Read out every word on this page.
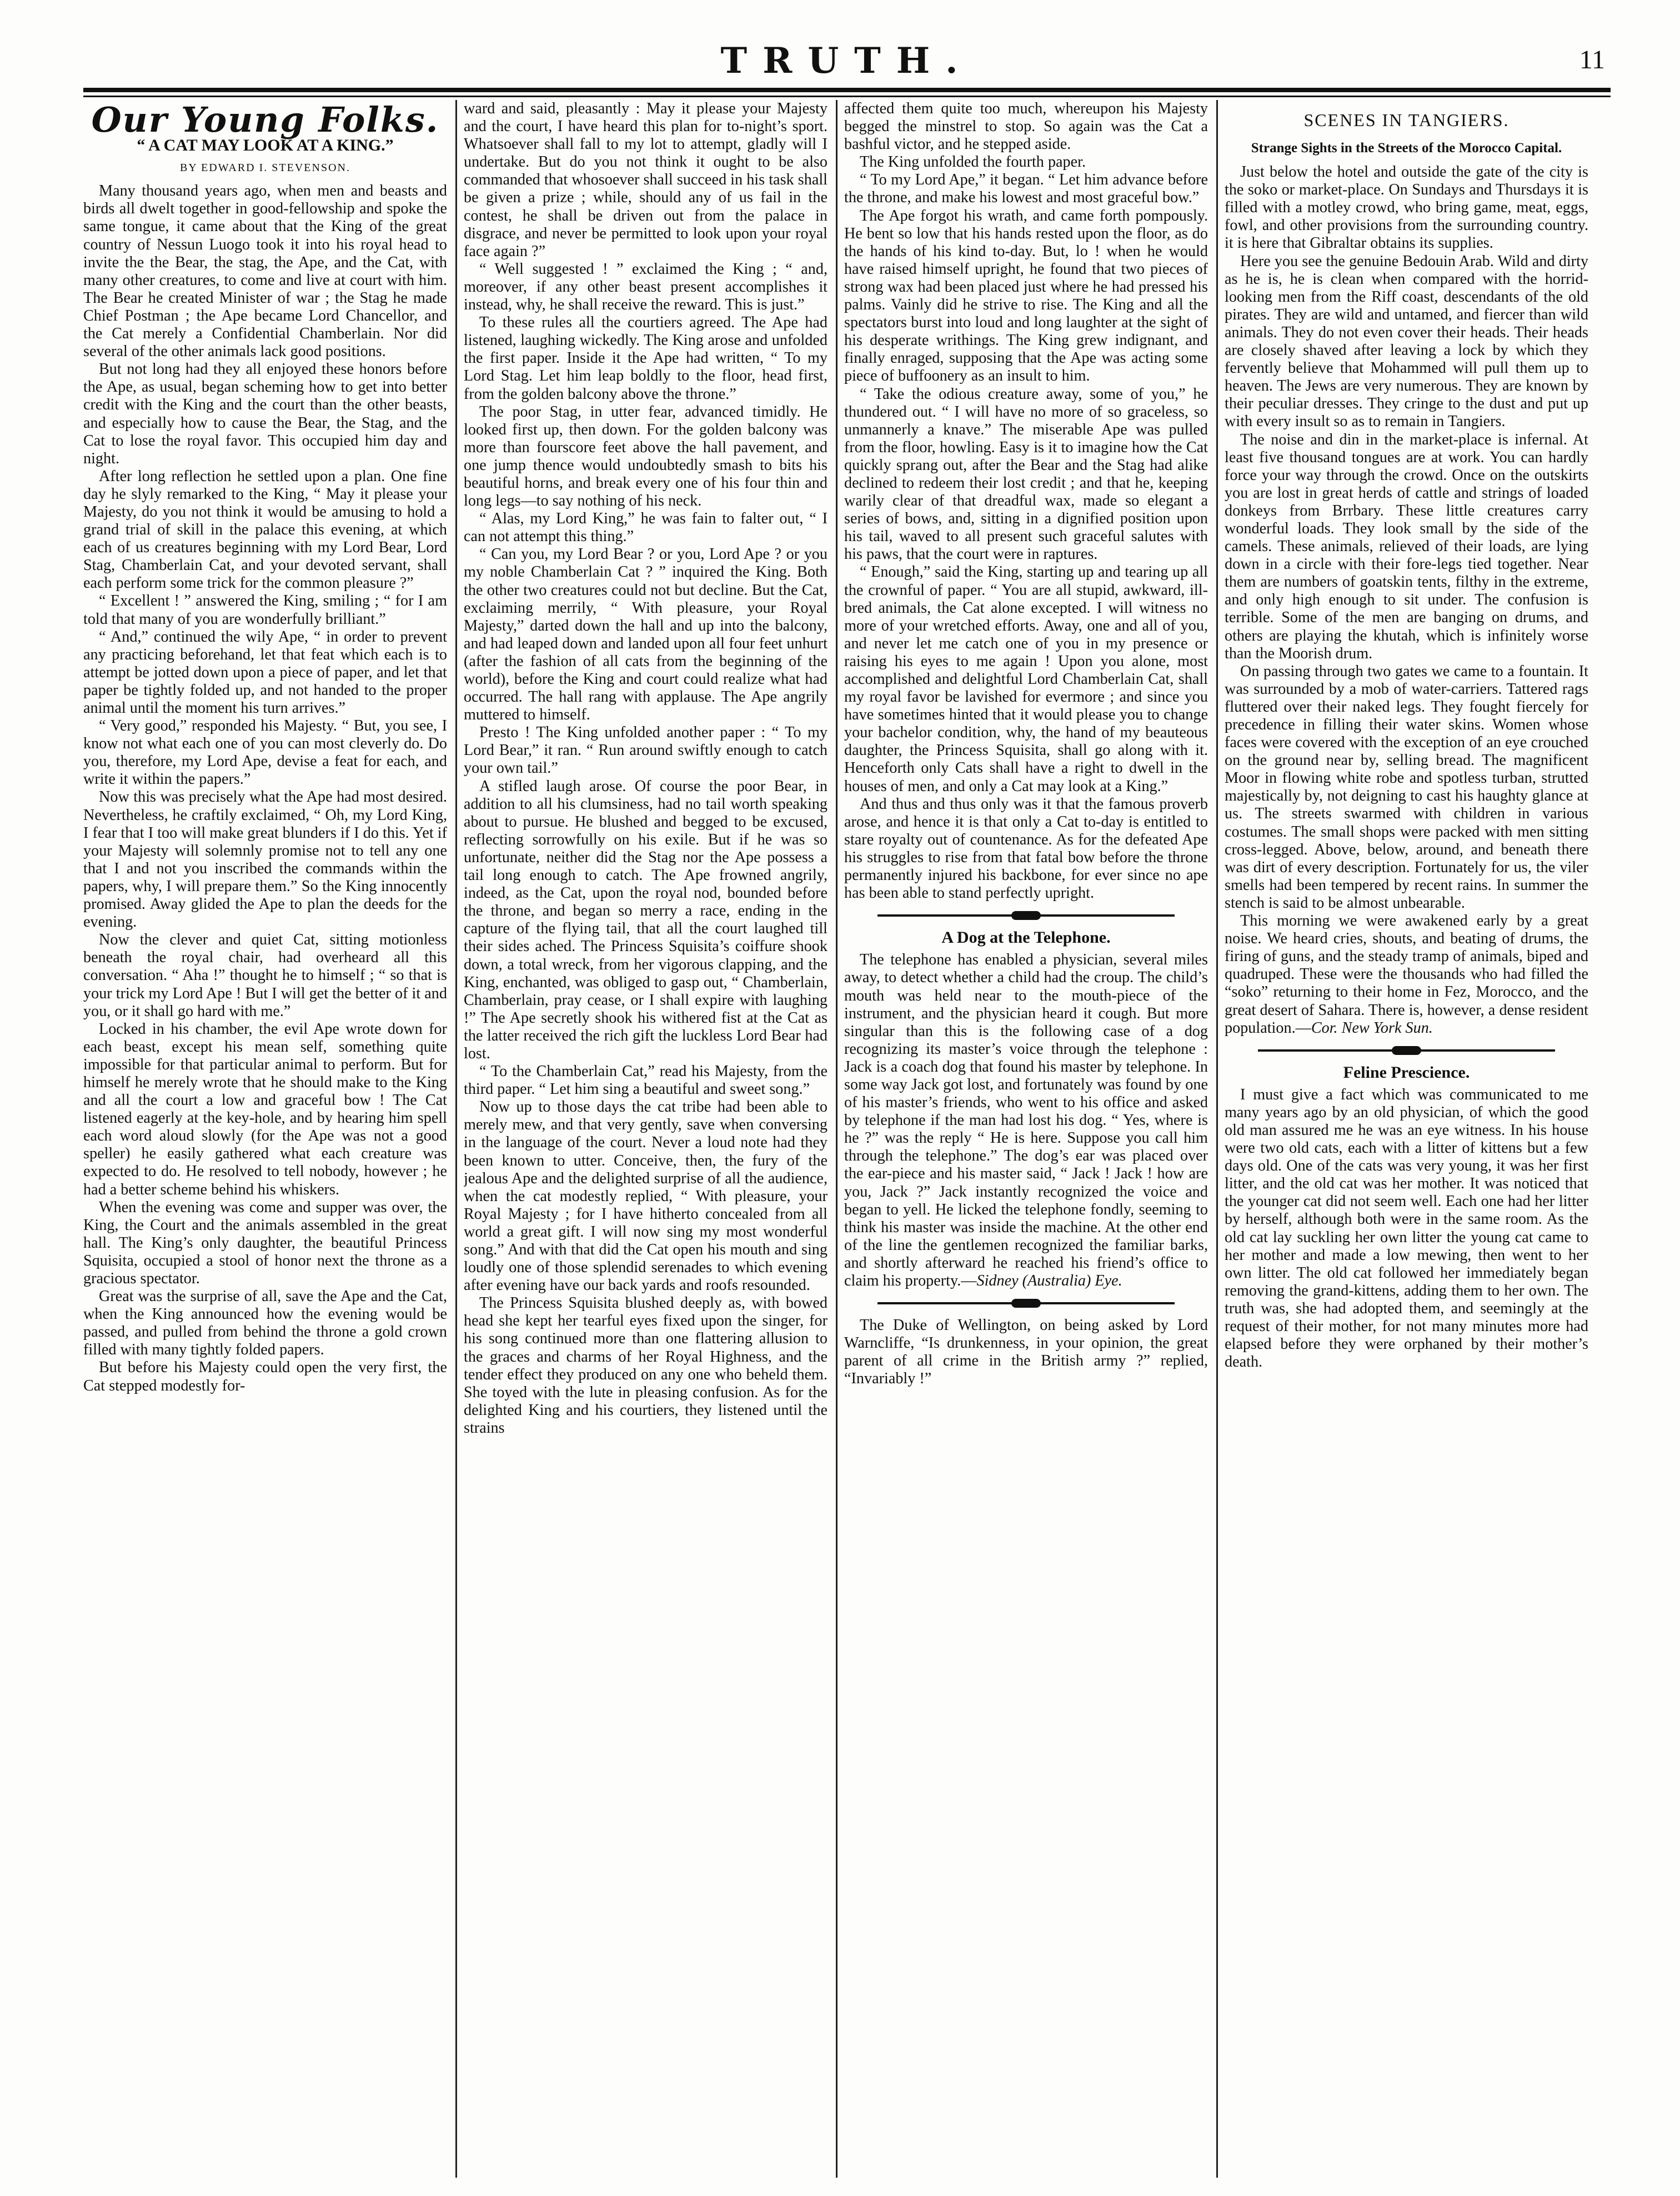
TRUTH.	11
Our Young Folks.
“ A CAT MAY LOOK AT A KING.”
BY EDWARD I. STEVENSON.

Many thousand years ago, when men and beasts and birds all dwelt together in good-fellowship and spoke the same tongue, it came about that the King of the great country of Nessun Luogo took it into his royal head to invite the the Bear, the stag, the Ape, and the Cat, with many other creatures, to come and live at court with him. The Bear he created Minister of war ; the Stag he made Chief Postman ; the Ape became Lord Chancellor, and the Cat merely a Confidential Chamberlain. Nor did several of the other animals lack good positions.

But not long had they all enjoyed these honors before the Ape, as usual, began scheming how to get into better credit with the King and the court than the other beasts, and especially how to cause the Bear, the Stag, and the Cat to lose the royal favor. This occupied him day and night.

After long reflection he settled upon a plan. One fine day he slyly remarked to the King, “ May it please your Majesty, do you not think it would be amusing to hold a grand trial of skill in the palace this evening, at which each of us creatures beginning with my Lord Bear, Lord Stag, Chamberlain Cat, and your devoted servant, shall each perform some trick for the common pleasure ?”

“ Excellent ! ” answered the King, smiling ; “ for I am told that many of you are wonderfully brilliant.”

“ And,” continued the wily Ape, “ in order to prevent any practicing beforehand, let that feat which each is to attempt be jotted down upon a piece of paper, and let that paper be tightly folded up, and not handed to the proper animal until the moment his turn arrives.”

“ Very good,” responded his Majesty. “ But, you see, I know not what each one of you can most cleverly do. Do you, therefore, my Lord Ape, devise a feat for each, and write it within the papers.”

Now this was precisely what the Ape had most desired. Nevertheless, he craftily exclaimed, “ Oh, my Lord King, I fear that I too will make great blunders if I do this. Yet if your Majesty will solemnly promise not to tell any one that I and not you inscribed the commands within the papers, why, I will prepare them.” So the King innocently promised. Away glided the Ape to plan the deeds for the evening.

Now the clever and quiet Cat, sitting motionless beneath the royal chair, had overheard all this conversation. “ Aha !” thought he to himself ; “ so that is your trick my Lord Ape ! But I will get the better of it and you, or it shall go hard with me.”

Locked in his chamber, the evil Ape wrote down for each beast, except his mean self, something quite impossible for that particular animal to perform. But for himself he merely wrote that he should make to the King and all the court a low and graceful bow ! The Cat listened eagerly at the key-hole, and by hearing him spell each word aloud slowly (for the Ape was not a good speller) he easily gathered what each creature was expected to do. He resolved to tell nobody, however ; he had a better scheme behind his whiskers.

When the evening was come and supper was over, the King, the Court and the animals assembled in the great hall. The King’s only daughter, the beautiful Princess Squisita, occupied a stool of honor next the throne as a gracious spectator.

Great was the surprise of all, save the Ape and the Cat, when the King announced how the evening would be passed, and pulled from behind the throne a gold crown filled with many tightly folded papers.

But before his Majesty could open the very first, the Cat stepped modestly for-

ward and said, pleasantly : May it please your Majesty and the court, I have heard this plan for to-night’s sport. Whatsoever shall fall to my lot to attempt, gladly will I undertake. But do you not think it ought to be also commanded that whosoever shall succeed in his task shall be given a prize ; while, should any of us fail in the contest, he shall be driven out from the palace in disgrace, and never be permitted to look upon your royal face again ?”

“ Well suggested ! ” exclaimed the King ; “ and, moreover, if any other beast present accomplishes it instead, why, he shall receive the reward. This is just.”

To these rules all the courtiers agreed. The Ape had listened, laughing wickedly. The King arose and unfolded the first paper. Inside it the Ape had written, “ To my Lord Stag. Let him leap boldly to the floor, head first, from the golden balcony above the throne.”

The poor Stag, in utter fear, advanced timidly. He looked first up, then down. For the golden balcony was more than fourscore feet above the hall pavement, and one jump thence would undoubtedly smash to bits his beautiful horns, and break every one of his four thin and long legs—to say nothing of his neck.

“ Alas, my Lord King,” he was fain to falter out, “ I can not attempt this thing.”

“ Can you, my Lord Bear ? or you, Lord Ape ? or you my noble Chamberlain Cat ? ” inquired the King. Both the other two creatures could not but decline. But the Cat, exclaiming merrily, “ With pleasure, your Royal Majesty,” darted down the hall and up into the balcony, and had leaped down and landed upon all four feet unhurt (after the fashion of all cats from the beginning of the world), before the King and court could realize what had occurred. The hall rang with applause. The Ape angrily muttered to himself.

Presto ! The King unfolded another paper : “ To my Lord Bear,” it ran. “ Run around swiftly enough to catch your own tail.”

A stifled laugh arose. Of course the poor Bear, in addition to all his clumsiness, had no tail worth speaking about to pursue. He blushed and begged to be excused, reflecting sorrowfully on his exile. But if he was so unfortunate, neither did the Stag nor the Ape possess a tail long enough to catch. The Ape frowned angrily, indeed, as the Cat, upon the royal nod, bounded before the throne, and began so merry a race, ending in the capture of the flying tail, that all the court laughed till their sides ached. The Princess Squisita’s coiffure shook down, a total wreck, from her vigorous clapping, and the King, enchanted, was obliged to gasp out, “ Chamberlain, Chamberlain, pray cease, or I shall expire with laughing !” The Ape secretly shook his withered fist at the Cat as the latter received the rich gift the luckless Lord Bear had lost.

“ To the Chamberlain Cat,” read his Majesty, from the third paper. “ Let him sing a beautiful and sweet song.”

Now up to those days the cat tribe had been able to merely mew, and that very gently, save when conversing in the language of the court. Never a loud note had they been known to utter. Conceive, then, the fury of the jealous Ape and the delighted surprise of all the audience, when the cat modestly replied, “ With pleasure, your Royal Majesty ; for I have hitherto concealed from all world a great gift. I will now sing my most wonderful song.” And with that did the Cat open his mouth and sing loudly one of those splendid serenades to which evening after evening have our back yards and roofs resounded.

The Princess Squisita blushed deeply as, with bowed head she kept her tearful eyes fixed upon the singer, for his song continued more than one flattering allusion to the graces and charms of her Royal Highness, and the tender effect they produced on any one who beheld them. She toyed with the lute in pleasing confusion. As for the delighted King and his courtiers, they listened until the strains

affected them quite too much, whereupon his Majesty begged the minstrel to stop. So again was the Cat a bashful victor, and he stepped aside.

The King unfolded the fourth paper.

“ To my Lord Ape,” it began. “ Let him advance before the throne, and make his lowest and most graceful bow.”

The Ape forgot his wrath, and came forth pompously. He bent so low that his hands rested upon the floor, as do the hands of his kind to-day. But, lo ! when he would have raised himself upright, he found that two pieces of strong wax had been placed just where he had pressed his palms. Vainly did he strive to rise. The King and all the spectators burst into loud and long laughter at the sight of his desperate writhings. The King grew indignant, and finally enraged, supposing that the Ape was acting some piece of buffoonery as an insult to him.

“ Take the odious creature away, some of you,” he thundered out. “ I will have no more of so graceless, so unmannerly a knave.” The miserable Ape was pulled from the floor, howling. Easy is it to imagine how the Cat quickly sprang out, after the Bear and the Stag had alike declined to redeem their lost credit ; and that he, keeping warily clear of that dreadful wax, made so elegant a series of bows, and, sitting in a dignified position upon his tail, waved to all present such graceful salutes with his paws, that the court were in raptures.

“ Enough,” said the King, starting up and tearing up all the crownful of paper. “ You are all stupid, awkward, ill-bred animals, the Cat alone excepted. I will witness no more of your wretched efforts. Away, one and all of you, and never let me catch one of you in my presence or raising his eyes to me again ! Upon you alone, most accomplished and delightful Lord Chamberlain Cat, shall my royal favor be lavished for evermore ; and since you have sometimes hinted that it would please you to change your bachelor condition, why, the hand of my beauteous daughter, the Princess Squisita, shall go along with it. Henceforth only Cats shall have a right to dwell in the houses of men, and only a Cat may look at a King.”

And thus and thus only was it that the famous proverb arose, and hence it is that only a Cat to-day is entitled to stare royalty out of countenance. As for the defeated Ape his struggles to rise from that fatal bow before the throne permanently injured his backbone, for ever since no ape has been able to stand perfectly upright.

A Dog at the Telephone.

The telephone has enabled a physician, several miles away, to detect whether a child had the croup. The child’s mouth was held near to the mouth-piece of the instrument, and the physician heard it cough. But more singular than this is the following case of a dog recognizing its master’s voice through the telephone : Jack is a coach dog that found his master by telephone. In some way Jack got lost, and fortunately was found by one of his master’s friends, who went to his office and asked by telephone if the man had lost his dog. “ Yes, where is he ?” was the reply “ He is here. Suppose you call him through the telephone.” The dog’s ear was placed over the ear-piece and his master said, “ Jack ! Jack ! how are you, Jack ?” Jack instantly recognized the voice and began to yell. He licked the telephone fondly, seeming to think his master was inside the machine. At the other end of the line the gentlemen recognized the familiar barks, and shortly afterward he reached his friend’s office to claim his property.—Sidney (Australia) Eye.

The Duke of Wellington, on being asked by Lord Warncliffe, “Is drunkenness, in your opinion, the great parent of all crime in the British army ?” replied, “Invariably !”

SCENES IN TANGIERS.
Strange Sights in the Streets of the Morocco Capital.

Just below the hotel and outside the gate of the city is the soko or market-place. On Sundays and Thursdays it is filled with a motley crowd, who bring game, meat, eggs, fowl, and other provisions from the surrounding country. it is here that Gibraltar obtains its supplies.

Here you see the genuine Bedouin Arab. Wild and dirty as he is, he is clean when compared with the horrid-looking men from the Riff coast, descendants of the old pirates. They are wild and untamed, and fiercer than wild animals. They do not even cover their heads. Their heads are closely shaved after leaving a lock by which they fervently believe that Mohammed will pull them up to heaven. The Jews are very numerous. They are known by their peculiar dresses. They cringe to the dust and put up with every insult so as to remain in Tangiers.

The noise and din in the market-place is infernal. At least five thousand tongues are at work. You can hardly force your way through the crowd. Once on the outskirts you are lost in great herds of cattle and strings of loaded donkeys from Brrbary. These little creatures carry wonderful loads. They look small by the side of the camels. These animals, relieved of their loads, are lying down in a circle with their fore-legs tied together. Near them are numbers of goatskin tents, filthy in the extreme, and only high enough to sit under. The confusion is terrible. Some of the men are banging on drums, and others are playing the khutah, which is infinitely worse than the Moorish drum.

On passing through two gates we came to a fountain. It was surrounded by a mob of water-carriers. Tattered rags fluttered over their naked legs. They fought fiercely for precedence in filling their water skins. Women whose faces were covered with the exception of an eye crouched on the ground near by, selling bread. The magnificent Moor in flowing white robe and spotless turban, strutted majestically by, not deigning to cast his haughty glance at us. The streets swarmed with children in various costumes. The small shops were packed with men sitting cross-legged. Above, below, around, and beneath there was dirt of every description. Fortunately for us, the viler smells had been tempered by recent rains. In summer the stench is said to be almost unbearable.

This morning we were awakened early by a great noise. We heard cries, shouts, and beating of drums, the firing of guns, and the steady tramp of animals, biped and quadruped. These were the thousands who had filled the “soko” returning to their home in Fez, Morocco, and the great desert of Sahara. There is, however, a dense resident population.—Cor. New York Sun.

Feline Prescience.

I must give a fact which was communicated to me many years ago by an old physician, of which the good old man assured me he was an eye witness. In his house were two old cats, each with a litter of kittens but a few days old. One of the cats was very young, it was her first litter, and the old cat was her mother. It was noticed that the younger cat did not seem well. Each one had her litter by herself, although both were in the same room. As the old cat lay suckling her own litter the young cat came to her mother and made a low mewing, then went to her own litter. The old cat followed her immediately began removing the grand-kittens, adding them to her own. The truth was, she had adopted them, and seemingly at the request of their mother, for not many minutes more had elapsed before they were orphaned by their mother’s death.
